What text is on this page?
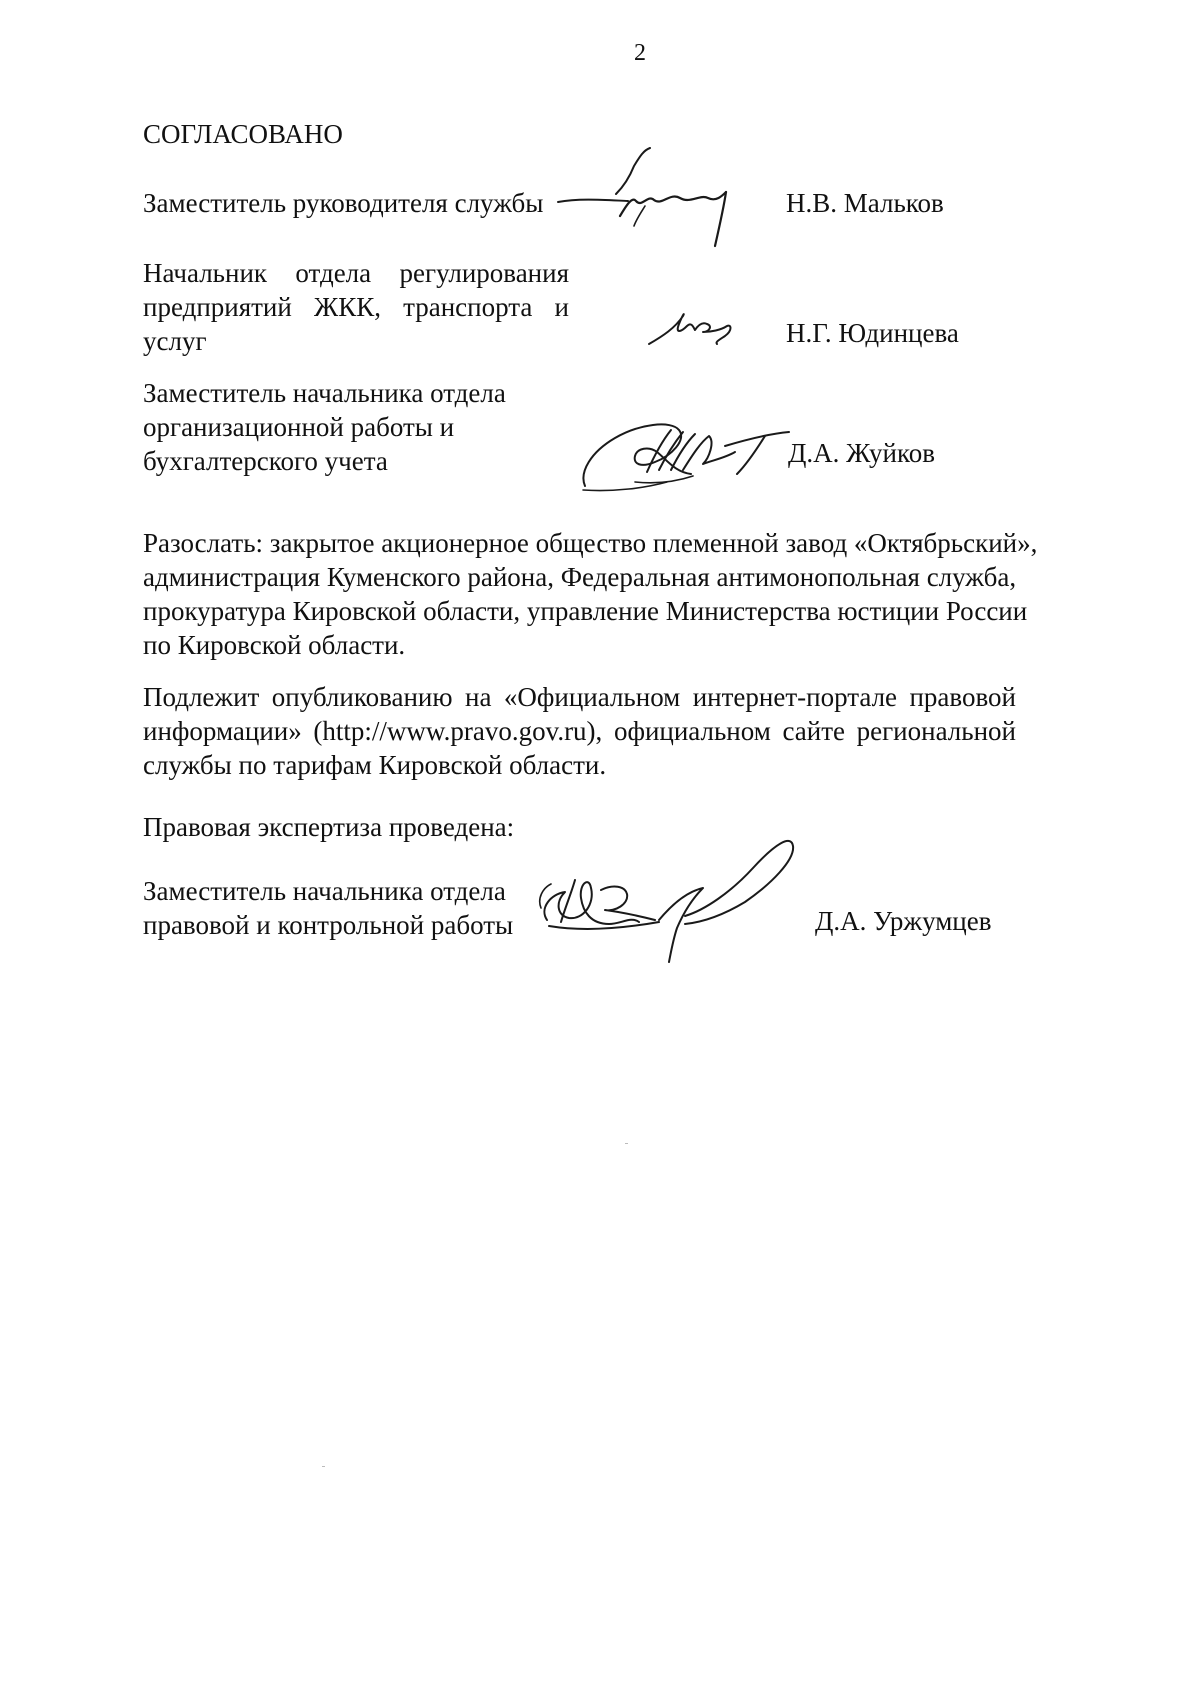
2
СОГЛАСОВАНО
Заместитель руководителя службы	Н.В. Мальков
Начальник отдела регулирования
предприятий ЖКК, транспорта и
услуг	Н.Г. Юдинцева
Заместитель начальника отдела
организационной работы и
бухгалтерского учета	Д.А. Жуйков
Разослать: закрытое акционерное общество племенной завод «Октябрьский»,
администрация Куменского района, Федеральная антимонопольная служба,
прокуратура Кировской области, управление Министерства юстиции России
по Кировской области.
Подлежит опубликованию на «Официальном интернет-портале правовой
информации» (http://www.pravo.gov.ru), официальном сайте региональной
службы по тарифам Кировской области.
Правовая экспертиза проведена:
Заместитель начальника отдела
правовой и контрольной работы	Д.А. Уржумцев
